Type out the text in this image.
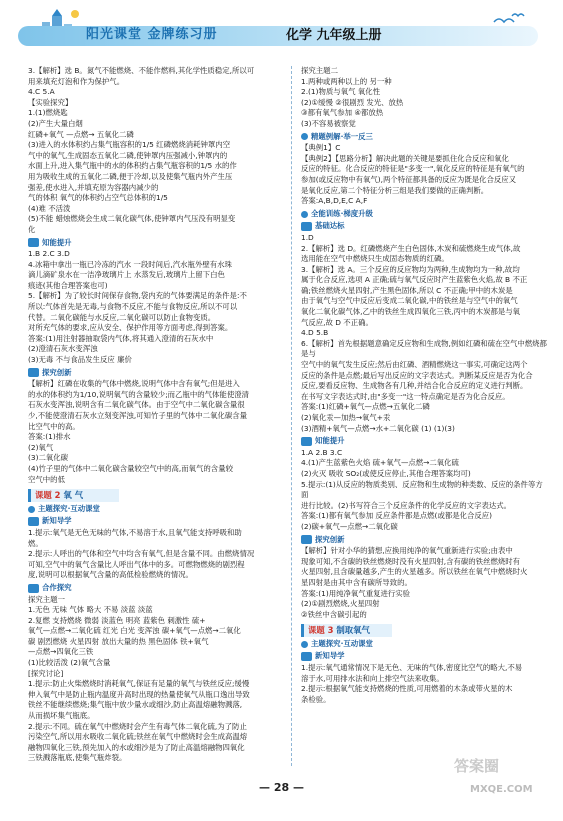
阳光课堂 金牌练习册	化学 九年级上册
3.【解析】选 B。氮气不能燃烧、不能作燃料,其化学性质稳定,所以可
用来填充灯泡和作为保护气。
4.C 5.A
【实验探究】
1.(1)燃烧匙
(2)产生大量白烟
红磷+氧气 —点燃→ 五氧化二磷
(3)进入的水体积约占集气瓶容积的1/5 红磷燃烧消耗钟罩内空
气中的氧气,生成固态五氧化二磷,使钟罩内压强减小,钟罩内的
水面上升,进入集气瓶中的水的体积约占集气瓶容积的1/5 水的作
用为吸收生成的五氧化二磷,便于冷却,以及使集气瓶内外产生压
强差,使水进入,并填充原为容器内减少的
气的体积 氧气的体积约占空气总体积的1/5
(4)难 不活泼
(5)不能 蜡烛燃烧会生成二氧化碳气体,使钟罩内气压没有明显变
化
知能提升
1.B 2.C 3.D
4.冰箱中拿出一瓶已冷冻的汽水 一段时间后,汽水瓶外壁有水珠
滴儿滴矿泉水在一洁净玻璃片上 水蒸发后,玻璃片上留下白色
痕迹(其他合理答案也可)
5.【解析】为了较长时间保存食物,袋内充的气体要满足的条件是:不
所以:气体首先是无毒,与食物不反应,不能与食物反应,所以不可以
代替。二氧化碳能与水反应,二氧化碳可以防止食物变质。
对所充气体的要求,应从安全、保护作用等方面考虑,得到答案。
答案:(1)用注射器抽取袋内气体,将其通入澄清的石灰水中
(2)澄清石灰水变浑浊
(3)无毒 不与食品发生反应 廉价
探究创新
【解析】红磷在收集的气体中燃烧,说明气体中含有氧气;但是进入
的水的体积约为1/10,说明氧气的含量较少;而乙瓶中的气体能使澄清
石灰水变浑浊,说明含有二氧化碳气体。由于空气中二氧化碳含量很
少,不能使澄清石灰水立刻变浑浊,可知竹子里的气体中二氧化碳含量
比空气中的高。
答案:(1)排水
(2)氧气
(3)二氧化碳
(4)竹子里的气体中二氧化碳含量较空气中的高,而氧气的含量较
空气中的低
课题 2 氧 气
主题探究·互动课堂
新知导学
1.提示:氧气是无色无味的气体,不易溶于水,且氧气能支持呼吸和助
燃。
2.提示:人呼出的气体和空气中均含有氧气,但是含量不同。由燃烧情况
可知,空气中的氧气含量比人呼出气体中的多。可燃物燃烧的剧烈程
度,说明可以根据氧气含量的高低检验燃烧的情况。
合作探究
探究主题一
1.无色 无味 气体 略大 不易 淡蓝 淡蓝
2.复燃 支持燃烧 微弱 淡蓝色 明亮 蓝紫色 刺激性 硫+
氧气—点燃→二氧化硫 红光 白光 变浑浊 碳+氧气—点燃→二氧化
碳 剧烈燃烧 火星四射 放出大量的热 黑色固体 铁+氧气
—点燃→四氧化三铁
(1)比较活泼 (2)氧气含量
[探究讨论]
1.提示:防止火柴燃烧时消耗氧气,保证有足量的氧气与铁丝反应;缓慢
伸入氧气中是防止瓶内温度升高时出现的热量使氧气从瓶口逸出导致
铁丝不能继续燃烧;集气瓶中放少量水或细沙,防止高温熔融物溅落,
从而损坏集气瓶底。
2.提示:不同。硫在氧气中燃烧时会产生有毒气体二氧化硫,为了防止
污染空气,所以用水吸收二氧化硫;铁丝在氧气中燃烧时会生成高温熔
融物四氧化三铁,预先加入的水或细沙是为了防止高温熔融物四氧化
三铁溅落瓶底,使集气瓶炸裂。
探究主题二
1.两种或两种以上的 另一种
2.(1)物质与氧气 氧化性
(2)①缓慢 ②很剧烈 发光、放热
③都有氧气参加 ④都放热
(3)不容易被察觉
精题例解·举一反三
【典例1】C
【典例2】【思路分析】解决此题的关键是要抓住化合反应和氧化
反应的特征。化合反应的特征是"多变一",氧化反应的特征是有氧气的
参加(或反应物中有氧气),两个特征都具备的反应为既是化合反应又
是氧化反应,第二个特征分析三组是我们要做的正确判断。
答案:A,B,D,E,C A,F
全能训练·梯度升级
基础达标
1.D
2.【解析】选 D。红磷燃烧产生白色固体,木炭和硫燃烧生成气体,故
选用能在空气中燃烧只生成固态物质的红磷。
3.【解析】选 A。三个反应的反应物均为两种,生成物均为一种,故均
属于化合反应,选项 A 正确;硫与氧气反应时产生蓝紫色火焰,故 B 不正
确;铁丝燃烧火星四射,产生黑色固体,所以 C 不正确;甲中的木炭是
由于氧气与空气中反应后变成二氧化碳,中的铁丝是与空气中的氧气
氧化二氧化碳气体,乙中的铁丝生成四氧化三铁,丙中的木炭都是与氧
气反应,故 D 不正确。
4.D 5.B
6.【解析】首先根据题意确定反应物和生成物,例如红磷和硫在空气中燃烧都是与
空气中的氧气发生反应;然后由红磷、酒精燃烧这一事实,可确定这两个
反应的条件是点燃;最后写出反应的文字表达式。判断某反应是否为化合
反应,要看反应物、生成物各有几种,并结合化合反应的定义进行判断。
在书写文字表达式时,由"多变一"这一特点确定是否为化合反应。
答案:(1)红磷+氧气—点燃→五氧化二磷
(2)氧化汞—加热→氧气+汞
(3)酒精+氧气—点燃→水+二氧化碳 (1) (1)(3)
知能提升
1.A 2.B 3.C
4.(1)产生蓝紫色火焰 硫+氧气—点燃→二氧化硫
(2)火灭 吸收 SO₂(或使反应停止,其他合理答案均可)
5.提示:(1)从反应的物质类别、反应物和生成物的种类数、反应的条件等方面
进行比较。(2)书写符合三个反应条件的化学反应的文字表达式。
答案:(1)都有氧气参加 反应条件都是点燃(或都是化合反应)
(2)碳+氧气—点燃→二氧化碳
探究创新
【解析】针对小华的猜想,应换用纯净的氧气重新进行实验;由表中
现象可知,不含碳的铁丝燃烧时没有火星四射,含有碳的铁丝燃烧时有
火星四射,且含碳量越多,产生的火星越多。所以铁丝在氧气中燃烧时火
星四射是由其中含有碳所导致的。
答案:(1)用纯净氧气重复进行实验
(2)①剧烈燃烧,火星四射
②铁丝中含碳引起的
课题 3 制取氧气
主题探究·互动课堂
新知导学
1.提示:氧气通常情况下是无色、无味的气体,密度比空气的略大,不易
溶于水,可用排水法和向上排空气法来收集。
2.提示:根据氧气能支持燃烧的性质,可用燃着的木条或带火星的木
条检验。
答案圈
MXQE.COM
— 28 —
